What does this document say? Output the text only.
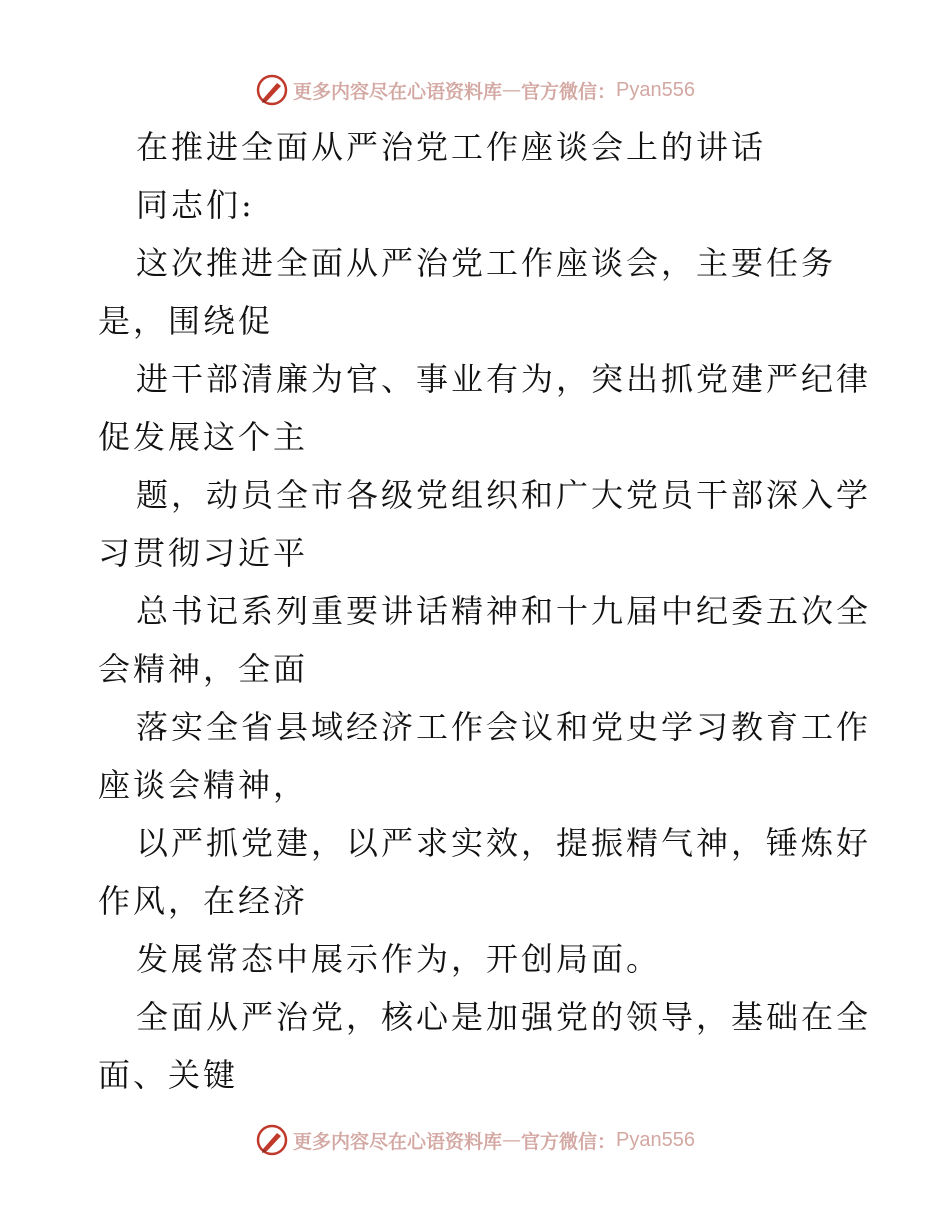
更多内容尽在心语资料库 — 官方微信： Pyan556
在推进全面从严治党工作座谈会上的讲话
同志们:
这次推进全面从严治党工作座谈会，主要任务
是，围绕促
进干部清廉为官、事业有为，突出抓党建严纪律
促发展这个主
题，动员全市各级党组织和广大党员干部深入学
习贯彻习近平
总书记系列重要讲话精神和十九届中纪委五次全
会精神，全面
落实全省县域经济工作会议和党史学习教育工作
座谈会精神，
以严抓党建，以严求实效，提振精气神，锤炼好
作风，在经济
发展常态中展示作为，开创局面。
全面从严治党，核心是加强党的领导，基础在全
面、关键
更多内容尽在心语资料库 — 官方微信： Pyan556
